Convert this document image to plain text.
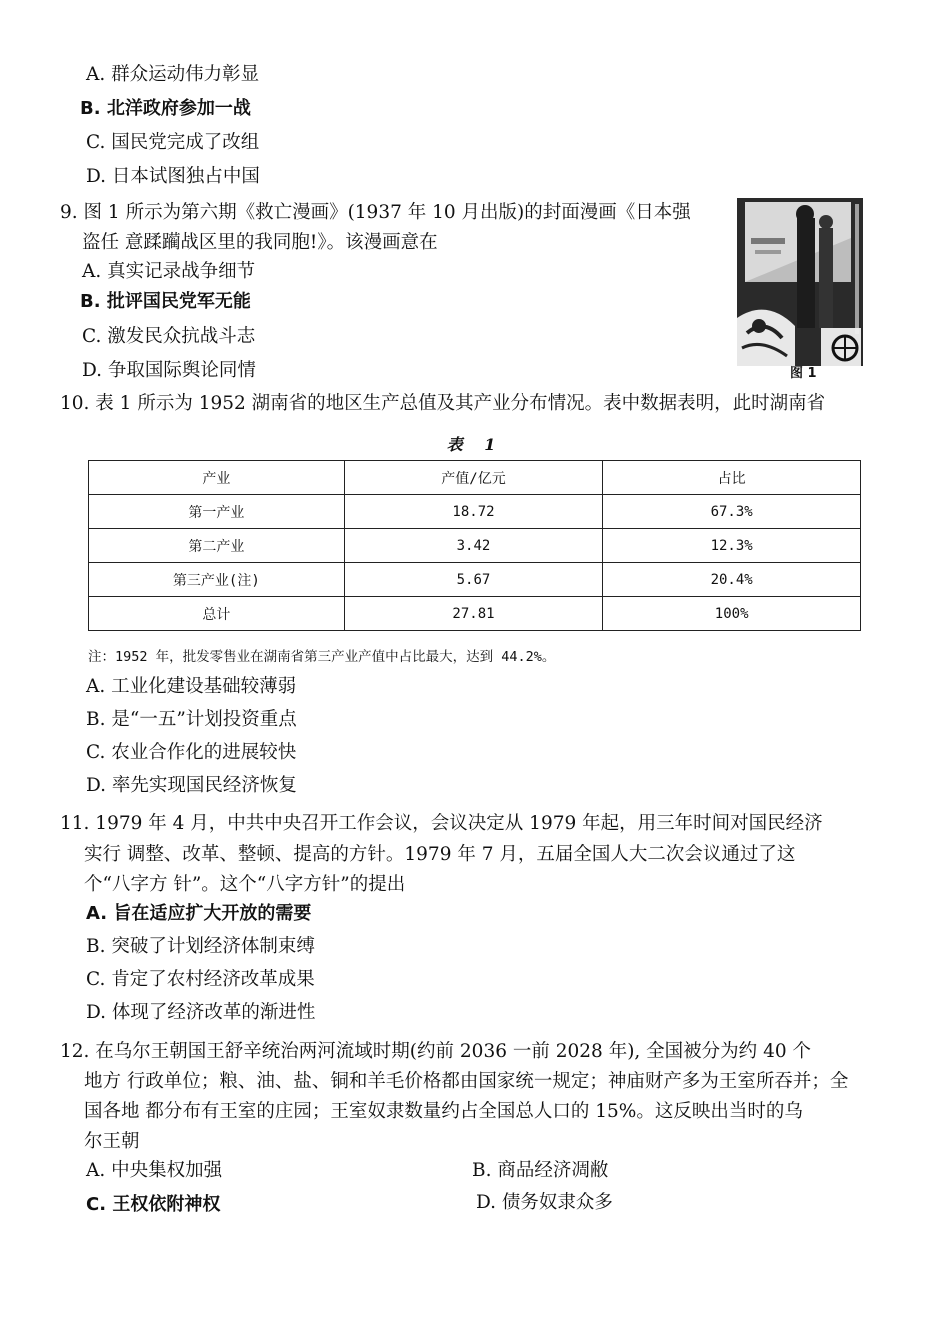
A. 群众运动伟力彰显
B. 北洋政府参加一战
C. 国民党完成了改组
D. 日本试图独占中国
9. 图 1 所示为第六期《救亡漫画》(1937 年 10 月出版)的封面漫画《日本强
盗任 意蹂躏战区里的我同胞!》。该漫画意在
A. 真实记录战争细节
B. 批评国民党军无能
C. 激发民众抗战斗志
D. 争取国际舆论同情	图 1
10. 表 1 所示为 1952 湖南省的地区生产总值及其产业分布情况。表中数据表明，此时湖南省
表 1
产业	产值/亿元	占比
第一产业	18.72	67.3%
第二产业	3.42	12.3%
第三产业(注)	5.67	20.4%
总计	27.81	100%
注：1952 年，批发零售业在湖南省第三产业产值中占比最大，达到 44.2%。
A. 工业化建设基础较薄弱
B. 是“一五”计划投资重点
C. 农业合作化的进展较快
D. 率先实现国民经济恢复
11. 1979 年 4 月，中共中央召开工作会议，会议决定从 1979 年起，用三年时间对国民经济
实行 调整、改革、整顿、提高的方针。1979 年 7 月，五届全国人大二次会议通过了这
个“八字方 针”。这个“八字方针”的提出
A. 旨在适应扩大开放的需要
B. 突破了计划经济体制束缚
C. 肯定了农村经济改革成果
D. 体现了经济改革的渐进性
12. 在乌尔王朝国王舒辛统治两河流域时期(约前 2036 一前 2028 年), 全国被分为约 40 个
地方 行政单位；粮、油、盐、铜和羊毛价格都由国家统一规定；神庙财产多为王室所吞并；全
国各地 都分布有王室的庄园；王室奴隶数量约占全国总人口的 15%。这反映出当时的乌
尔王朝
A. 中央集权加强	B. 商品经济凋敝
C. 王权依附神权	D. 债务奴隶众多
